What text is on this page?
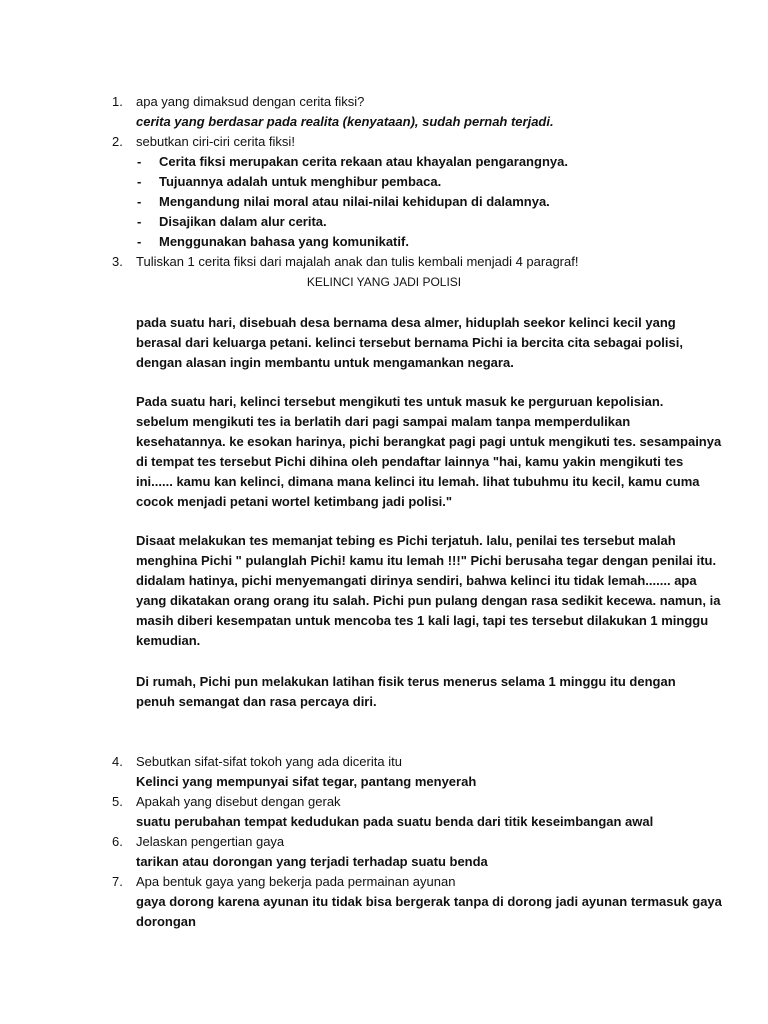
1.	apa yang dimaksud dengan cerita fiksi?
cerita yang berdasar pada realita (kenyataan), sudah pernah terjadi.
2.	sebutkan ciri-ciri cerita fiksi!
- Cerita fiksi merupakan cerita rekaan atau khayalan pengarangnya.
- Tujuannya adalah untuk menghibur pembaca.
- Mengandung nilai moral atau nilai-nilai kehidupan di dalamnya.
- Disajikan dalam alur cerita.
- Menggunakan bahasa yang komunikatif.
3.	Tuliskan 1 cerita fiksi dari majalah anak dan tulis kembali menjadi 4 paragraf!
KELINCI YANG JADI POLISI
pada suatu hari, disebuah desa bernama desa almer, hiduplah seekor kelinci kecil yang
berasal dari keluarga petani. kelinci tersebut bernama Pichi ia bercita cita sebagai polisi,
dengan alasan ingin membantu untuk mengamankan negara.
Pada suatu hari, kelinci tersebut mengikuti tes untuk masuk ke perguruan kepolisian.
sebelum mengikuti tes ia berlatih dari pagi sampai malam tanpa memperdulikan
kesehatannya. ke esokan harinya, pichi berangkat pagi pagi untuk mengikuti tes. sesampainya
di tempat tes tersebut Pichi dihina oleh pendaftar lainnya "hai, kamu yakin mengikuti tes
ini...... kamu kan kelinci, dimana mana kelinci itu lemah. lihat tubuhmu itu kecil, kamu cuma
cocok menjadi petani wortel ketimbang jadi polisi."
Disaat melakukan tes memanjat tebing es Pichi terjatuh. lalu, penilai tes tersebut malah
menghina Pichi " pulanglah Pichi! kamu itu lemah !!!" Pichi berusaha tegar dengan penilai itu.
didalam hatinya, pichi menyemangati dirinya sendiri, bahwa kelinci itu tidak lemah....... apa
yang dikatakan orang orang itu salah. Pichi pun pulang dengan rasa sedikit kecewa. namun, ia
masih diberi kesempatan untuk mencoba tes 1 kali lagi, tapi tes tersebut dilakukan 1 minggu
kemudian.
Di rumah, Pichi pun melakukan latihan fisik terus menerus selama 1 minggu itu dengan
penuh semangat dan rasa percaya diri.
4.	Sebutkan sifat-sifat tokoh yang ada dicerita itu
Kelinci yang mempunyai sifat tegar, pantang menyerah
5.	Apakah yang disebut dengan gerak
suatu perubahan tempat kedudukan pada suatu benda dari titik keseimbangan awal
6.	Jelaskan pengertian gaya
tarikan atau dorongan yang terjadi terhadap suatu benda
7.	Apa bentuk gaya yang bekerja pada permainan ayunan
gaya dorong karena ayunan itu tidak bisa bergerak tanpa di dorong jadi ayunan termasuk gaya
dorongan
